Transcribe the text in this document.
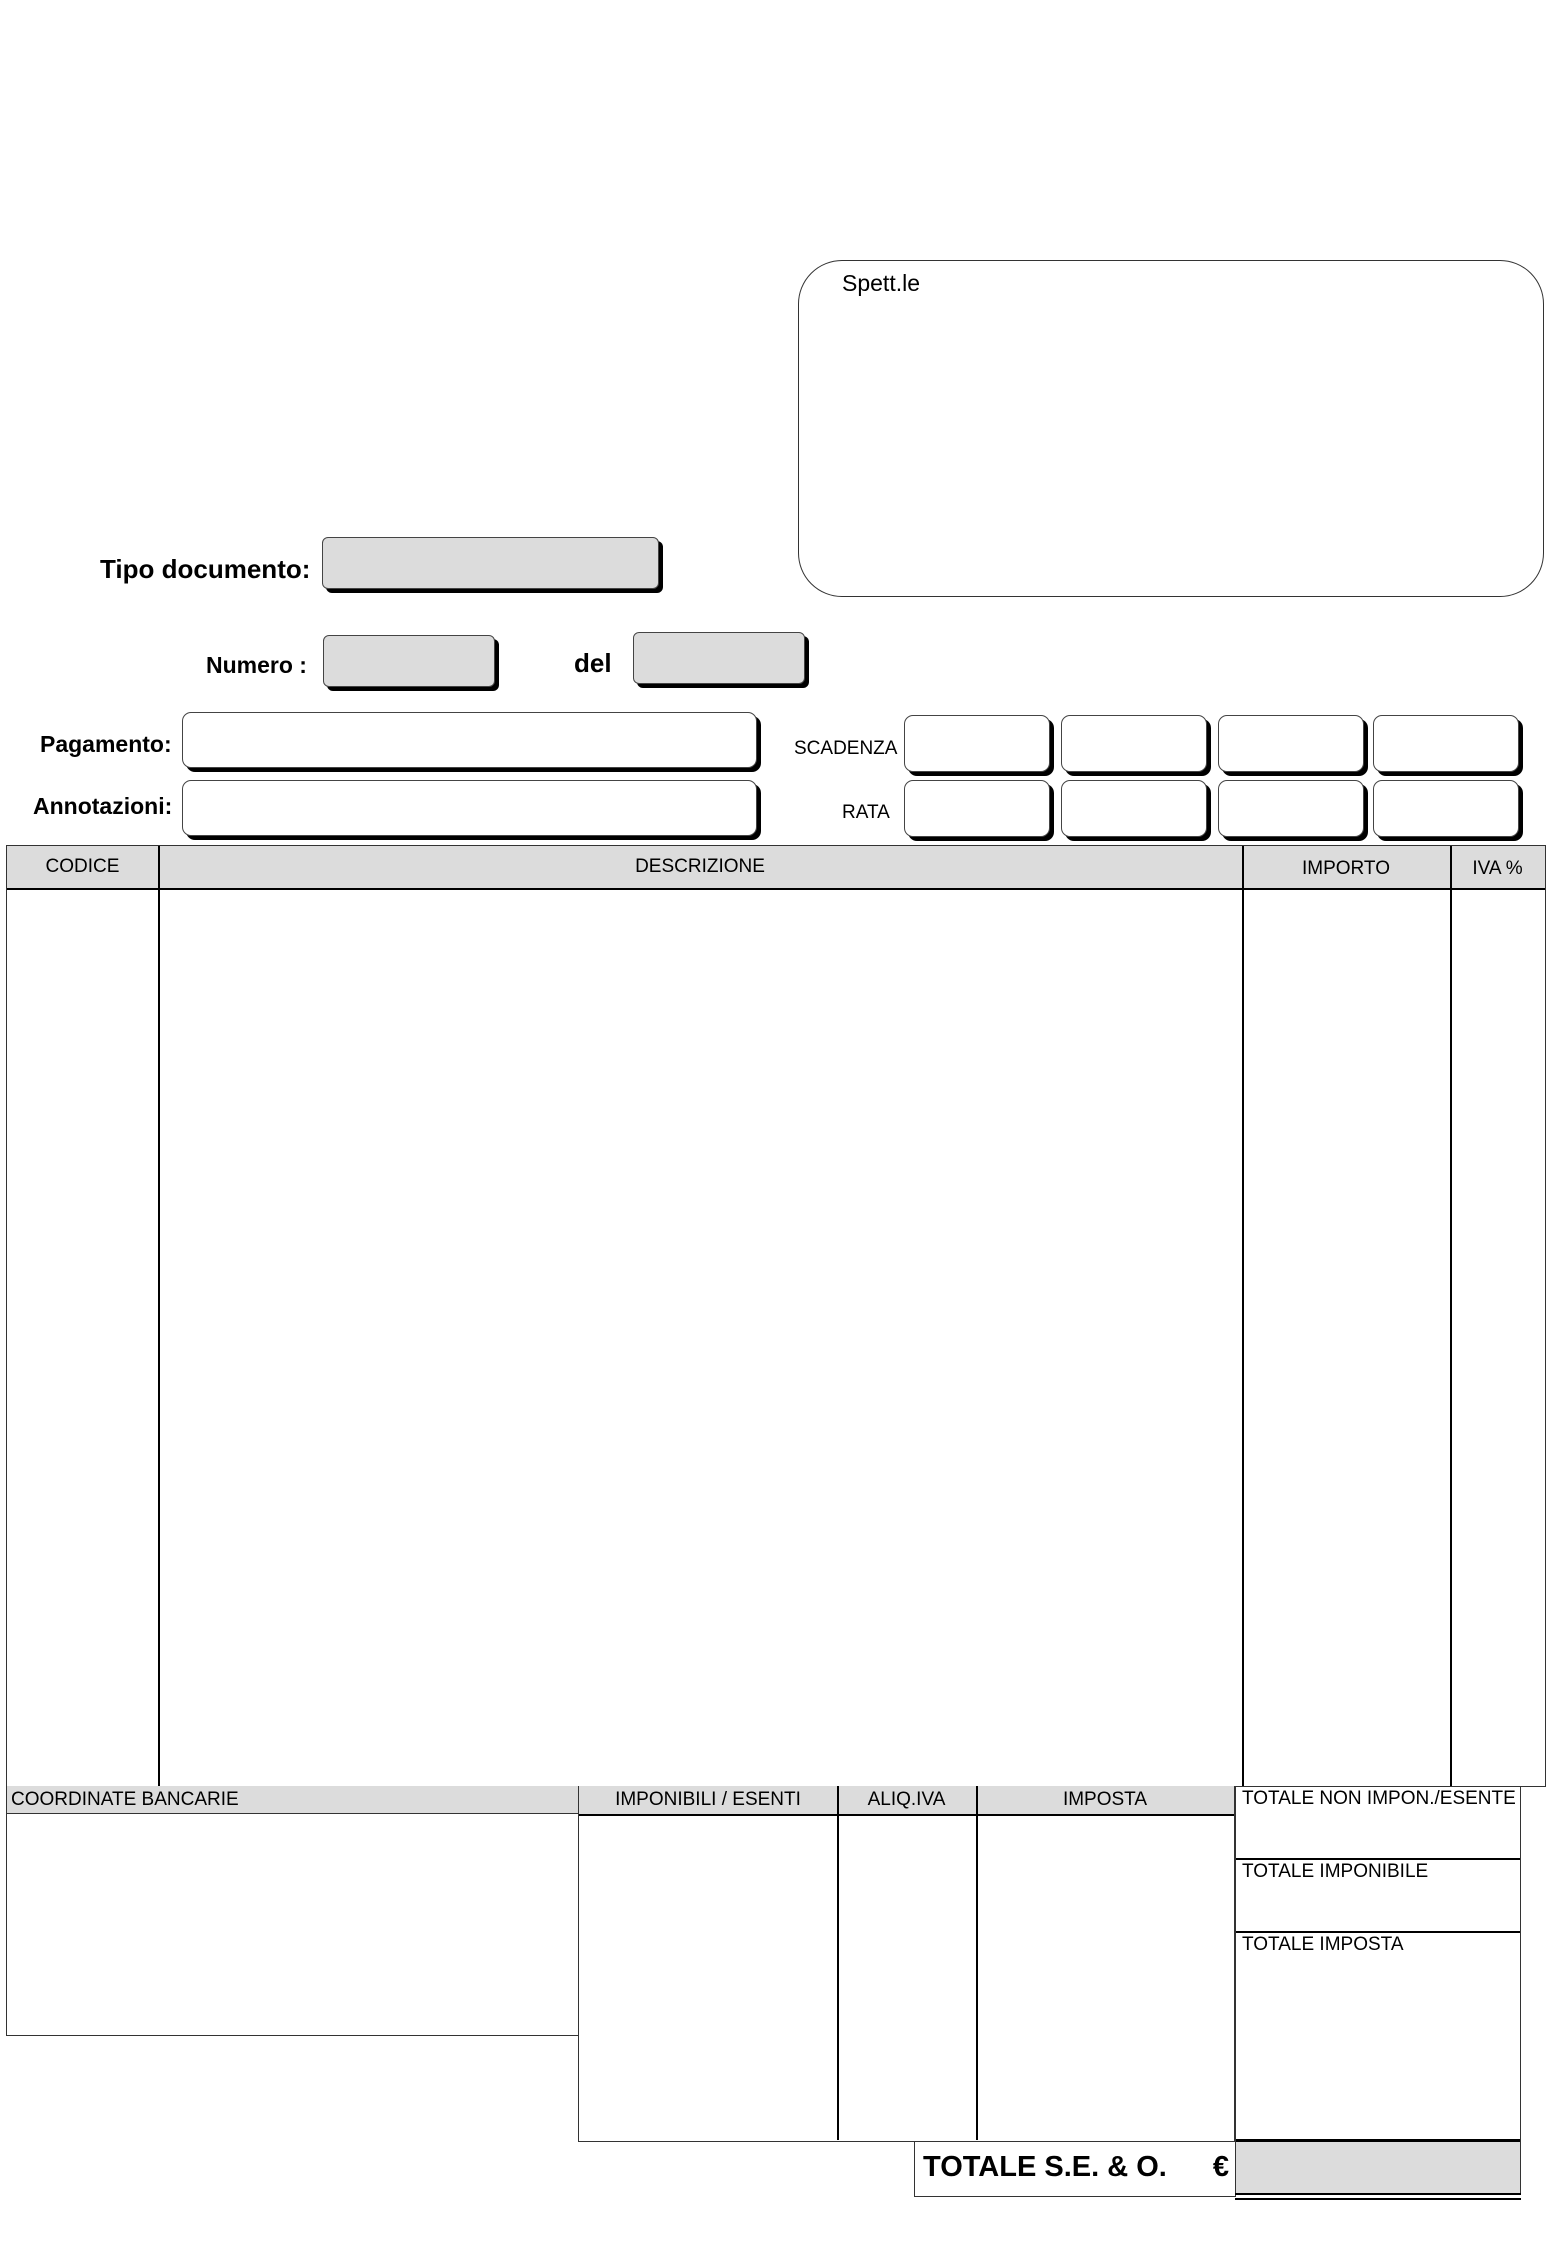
Spett.le
Tipo documento:
Numero :	del
Pagamento:
Annotazioni:
SCADENZA
RATA
CODICE	DESCRIZIONE	IMPORTO	IVA %
COORDINATE BANCARIE	IMPONIBILI / ESENTI	ALIQ.IVA	IMPOSTA	TOTALE NON IMPON./ESENTE
TOTALE IMPONIBILE
TOTALE IMPOSTA
TOTALE S.E. & O. €
